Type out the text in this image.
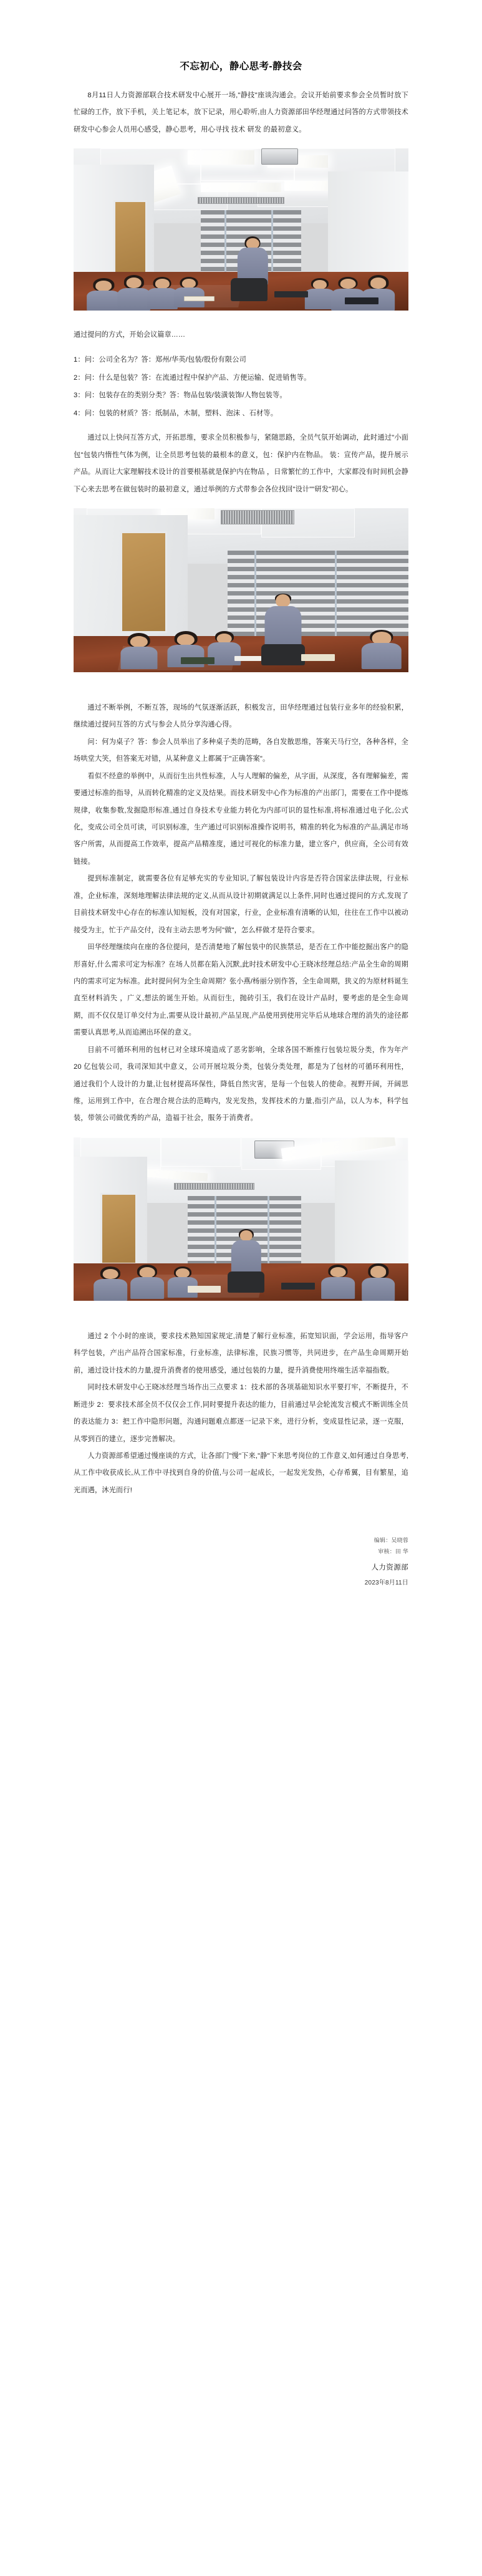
不忘初心，静心思考-静技会

8月11日人力资源部联合技术研发中心展开一场,"静技"座谈沟通会。会议开始前要求参会全员暂时放下忙碌的工作，放下手机，关上笔记本，放下记录，用心聆听,由人力资源部田华经理通过问答的方式带领技术研发中心参会人员用心感受，静心思考，用心寻找 技术 研发 的最初意义。

通过提问的方式，开始会议篇章……

1：问：公司全名为？答：郑州/华英/包装/股份有限公司
2：问：什么是包装？答：在流通过程中保护产品、方便运输、促进销售等。
3：问：包装存在的类别分类？答：物品包装/装潢装饰/人物包装等。
4：问：包装的材质？答：纸制品，木制，塑料、泡沫 、石材等。

通过以上快问互答方式，开拓思维，要求全员积极参与，紧随思路，全员气氛开始调动，此时通过"小面包"包装内惰性气体为例，让全员思考包装的最根本的意义，包：保护内在物品。 装：宣传产品，提升展示产品。从而让大家理解技术设计的首要根基就是保护内在物品 ，日常繁忙的工作中，大家都没有时间机会静下心来去思考在做包装时的最初意义，通过举例的方式带参会各位找回"设计""研发"初心。

通过不断举例，不断互答，现场的气氛逐渐活跃，积极发言，田华经理通过包装行业多年的经验积累，继续通过提问互答的方式与参会人员分享沟通心得。

问：何为桌子？答：参会人员举出了多种桌子类的范畴，各自发散思维，答案天马行空，各种各样，全场哄堂大笑，但答案无对错，从某种意义上都属于"正确答案"。

看似不经意的举例中，从而衍生出共性标准，人与人理解的偏差，从字面，从深度，各有理解偏差，需要通过标准的指导，从而转化精准的定义及结果。而技术研发中心作为标准的产出部门，需要在工作中提炼规律，收集参数,发掘隐形标准,通过自身技术专业能力转化为内部可识的显性标准,将标准通过电子化,公式化，变成公司全员可读，可识别标准，生产通过可识别标准操作说明书，精准的转化为标准的产品,满足市场客户所需，从而提高工作效率，提高产品精准度，通过可视化的标准力量，建立客户，供应商，全公司有效链接。

提到标准制定，就需要各位有足够充实的专业知识,了解包装设计内容是否符合国家法律法规，行业标准，企业标准，深刻地理解法律法规的定义,从而从设计初期就满足以上条件,同时也通过提问的方式,发现了目前技术研发中心存在的标准认知短板，没有对国家，行业，企业标准有清晰的认知，往往在工作中以被动接受为主，忙于产品交付，没有主动去思考为何"做"，怎么样做才是符合要求。

田华经理继续向在座的各位提问，是否清楚地了解包装中的民族禁忌，是否在工作中能挖掘出客户的隐形喜好,什么需求可定为标准？在场人员都在陷入沉默,此时技术研发中心王晓冰经理总结:产品全生命的周期内的需求可定为标准。此时提问何为全生命周期？张小燕/杨丽分别作答，全生命周期，狭义的为原材料诞生直至材料消失 ，广义,想法的诞生开始。从而衍生，抛砖引玉，我们在设计产品时，要考虑的是全生命周期，而不仅仅是订单交付为止,需要从设计最初,产品呈现,产品使用到使用完毕后从地球合理的消失的途径都需要认真思考,从而追溯出环保的意义。

目前不可循环利用的包材已对全球环境造成了恶劣影响，全球各国不断推行包装垃圾分类，作为年产 20 亿包装公司，我司深知其中意义，公司开展垃圾分类，包装分类处理，都是为了包材的可循环利用性，通过我们个人设计的力量,让包材提高环保性，降低自然灾害，是每一个包装人的使命。视野开阔，开阔思维，运用到工作中，在合理合规合法的范畴内，发光发热，发挥技术的力量,指引产品，以人为本，科学包装，带领公司做优秀的产品，造福于社会，服务于消费者。

通过 2 个小时的座谈，要求技术熟知国家规定,清楚了解行业标准，拓宽知识面，学会运用，指导客户科学包装，产出产品符合国家标准，行业标准，法律标准，民族习惯等，共同进步，在产品生命周期开始前，通过设计技术的力量,提升消费者的使用感受，通过包装的力量，提升消费使用终端生活幸福指数。

同时技术研发中心王晓冰经理当场作出三点要求 1：技术部的各项基础知识水平要打牢，不断提升，不断进步 2：要求技术部全员不仅仅会工作,同时要提升表达的能力，目前通过早会轮流发言模式不断训练全员的表达能力 3：把工作中隐形问题，沟通问题难点都逐一记录下来，进行分析，变成显性记录，逐一克服，从零到百的建立，逐步完善解决。

人力资源部希望通过慢座谈的方式，让各部门"慢"下来,"静"下来思考岗位的工作意义,如何通过自身思考,从工作中收获成长,从工作中寻找到自身的价值,与公司一起成长，一起发光发热，心存希翼，目有繁星，追光而遇，沐光而行!

编辑：吴晓蓉
审核：田 华
人力资源部
2023年8月11日
